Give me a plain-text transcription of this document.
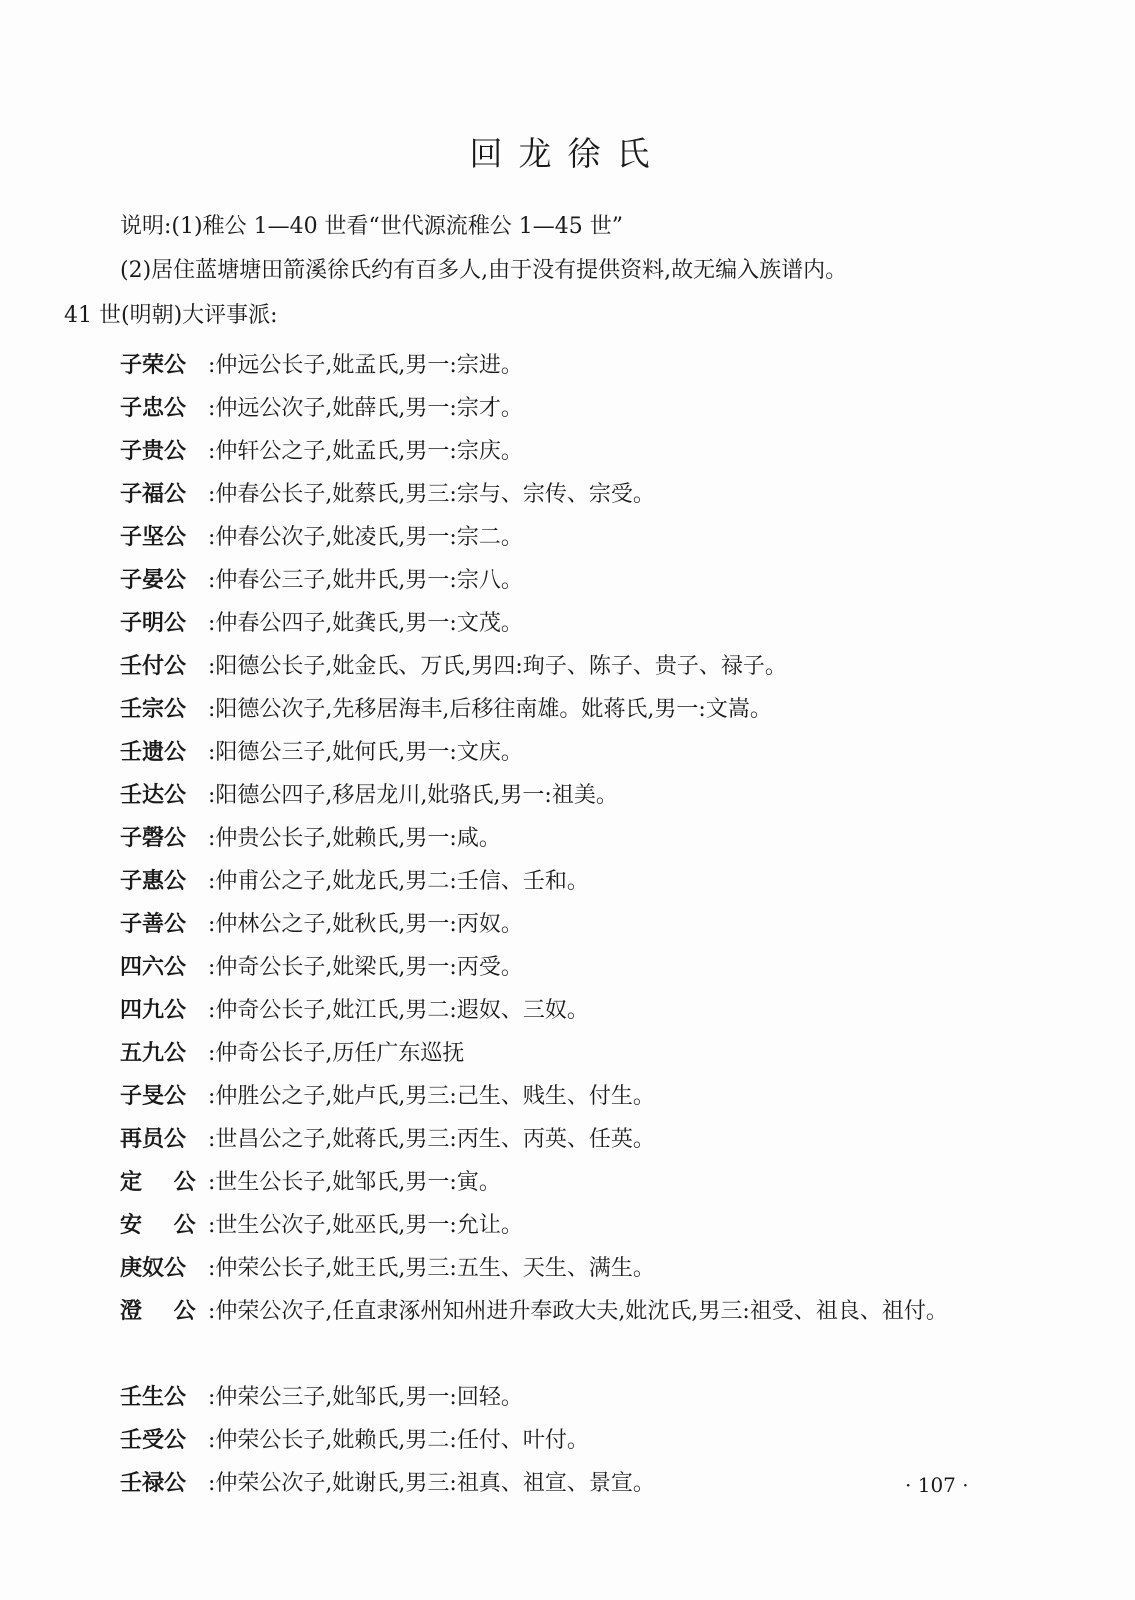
回龙徐氏
说明:(1)稚公 1—40 世看“世代源流稚公 1—45 世”
(2)居住蓝塘塘田箭溪徐氏约有百多人,由于没有提供资料,故无编入族谱内。
41 世(明朝)大评事派:
子荣公 : 仲远公长子,妣孟氏,男一:宗进。
子忠公 : 仲远公次子,妣薛氏,男一:宗才。
子贵公 : 仲轩公之子,妣孟氏,男一:宗庆。
子福公 : 仲春公长子,妣蔡氏,男三:宗与、宗传、宗受。
子坚公 : 仲春公次子,妣凌氏,男一:宗二。
子晏公 : 仲春公三子,妣井氏,男一:宗八。
子明公 : 仲春公四子,妣龚氏,男一:文茂。
壬付公 : 阳德公长子,妣金氏、万氏,男四:珣子、陈子、贵子、禄子。
壬宗公 : 阳德公次子,先移居海丰,后移往南雄。妣蒋氏,男一:文嵩。
壬遗公 : 阳德公三子,妣何氏,男一:文庆。
壬达公 : 阳德公四子,移居龙川,妣骆氏,男一:祖美。
子磬公 : 仲贵公长子,妣赖氏,男一:咸。
子惠公 : 仲甫公之子,妣龙氏,男二:壬信、壬和。
子善公 : 仲林公之子,妣秋氏,男一:丙奴。
四六公 : 仲奇公长子,妣梁氏,男一:丙受。
四九公 : 仲奇公长子,妣江氏,男二:遐奴、三奴。
五九公 : 仲奇公长子,历任广东巡抚
子旻公 : 仲胜公之子,妣卢氏,男三:己生、贱生、付生。
再员公 : 世昌公之子,妣蒋氏,男三:丙生、丙英、任英。
定 公 : 世生公长子,妣邹氏,男一:寅。
安 公 : 世生公次子,妣巫氏,男一:允让。
庚奴公 : 仲荣公长子,妣王氏,男三:五生、天生、满生。
澄 公 : 仲荣公次子,任直隶涿州知州进升奉政大夫,妣沈氏,男三:祖受、祖良、祖付。
壬生公 : 仲荣公三子,妣邹氏,男一:回轻。
壬受公 : 仲荣公长子,妣赖氏,男二:任付、叶付。
壬禄公 : 仲荣公次子,妣谢氏,男三:祖真、祖宣、景宣。	· 107 ·
